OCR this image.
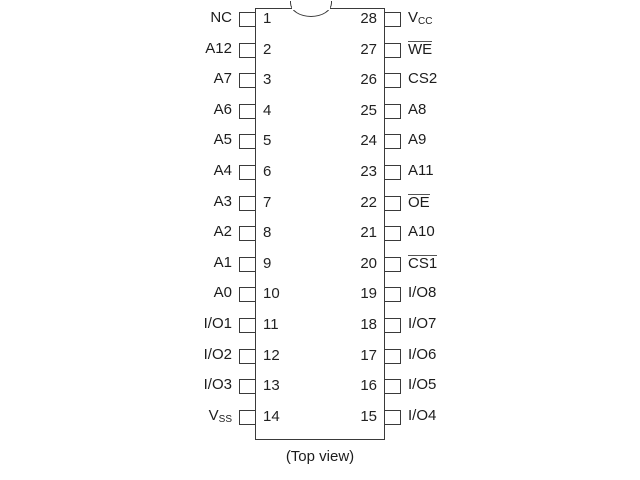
(Top view)
1
NC
2
A12
3
A7
4
A6
5
A5
6
A4
7
A3
8
A2
9
A1
10
A0
11
I/O1
12
I/O2
13
I/O3
14
$V_{SS}$
28 $V_{CC}$
27 WE
26 CS2
25 A8
24 A9
23 A11
22 OE
21 A10
20 CS1
19 I/O8
18 I/O7
17 I/O6
16 I/O5
15 I/O4
